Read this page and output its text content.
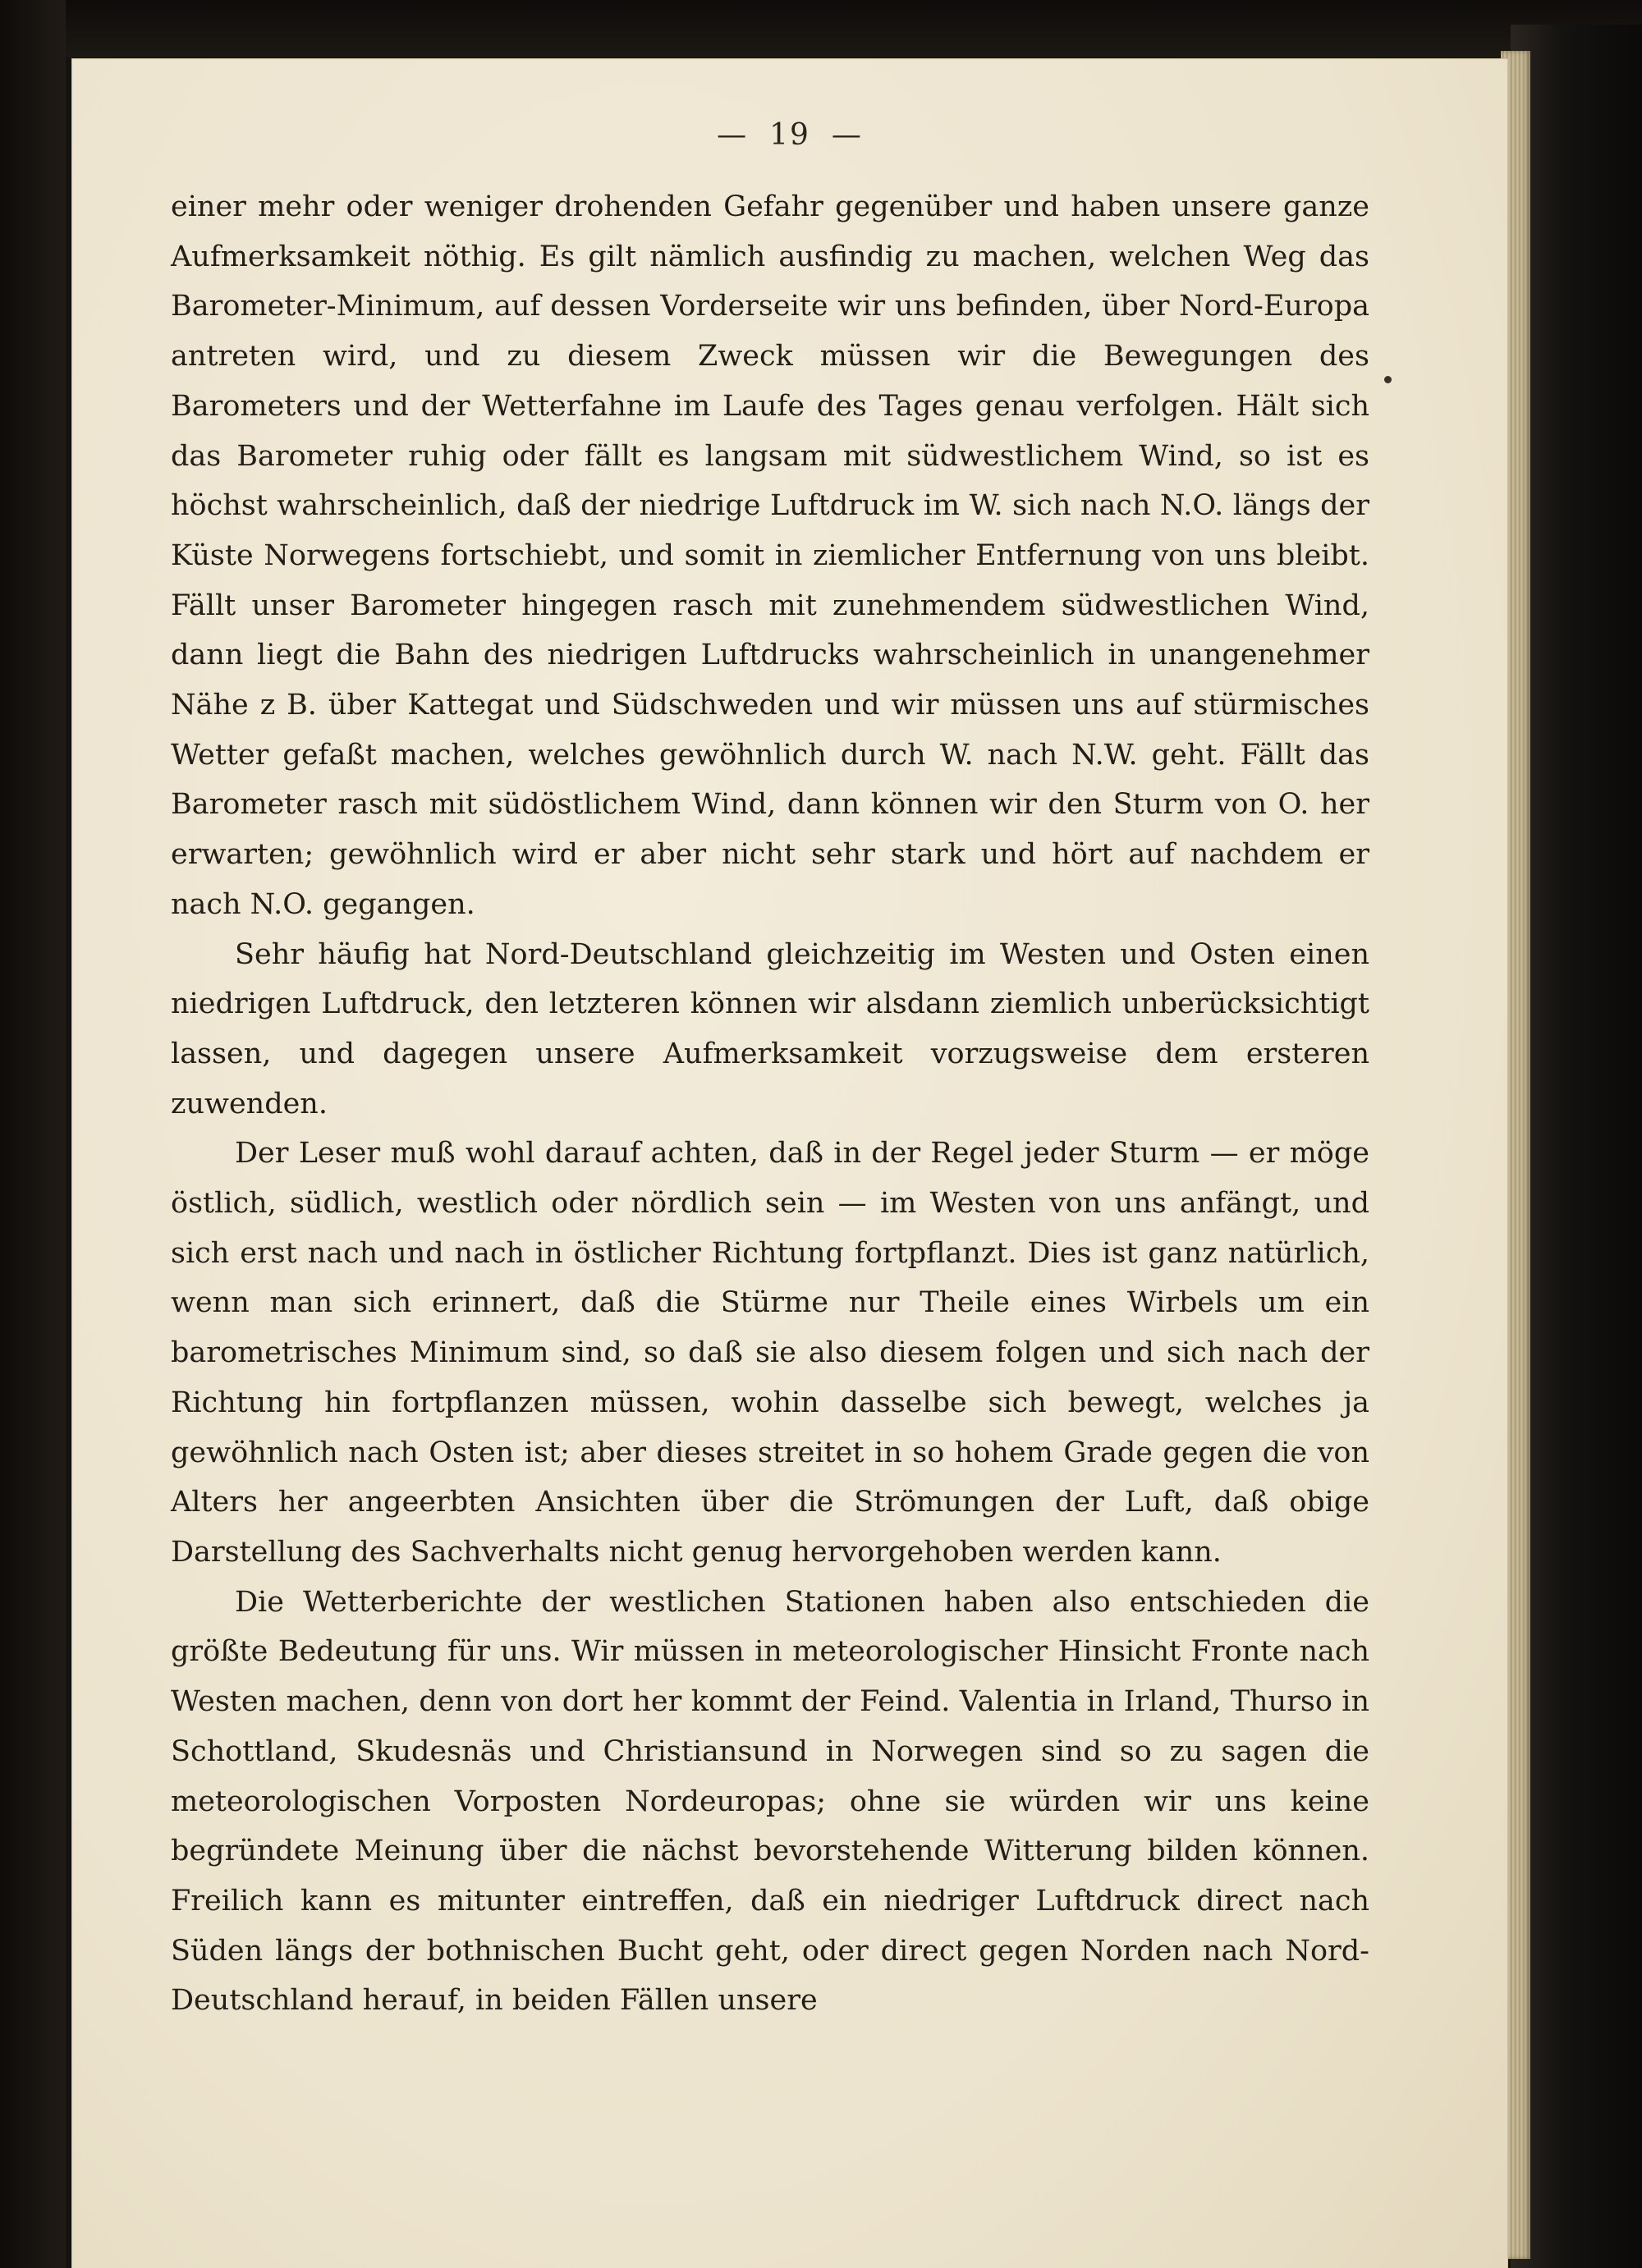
— 19 —

einer mehr oder weniger drohenden Gefahr gegenüber und haben unsere ganze Aufmerksamkeit nöthig. Es gilt nämlich ausfindig zu machen, welchen Weg das Barometer-Minimum, auf dessen Vorderseite wir uns befinden, über Nord-Europa antreten wird, und zu diesem Zweck müssen wir die Bewegungen des Barometers und der Wetterfahne im Laufe des Tages genau verfolgen. Hält sich das Barometer ruhig oder fällt es langsam mit südwestlichem Wind, so ist es höchst wahrscheinlich, daß der niedrige Luftdruck im W. sich nach N.O. längs der Küste Norwegens fortschiebt, und somit in ziemlicher Entfernung von uns bleibt. Fällt unser Barometer hingegen rasch mit zunehmendem südwestlichen Wind, dann liegt die Bahn des niedrigen Luftdrucks wahrscheinlich in unangenehmer Nähe z B. über Kattegat und Südschweden und wir müssen uns auf stürmisches Wetter gefaßt machen, welches gewöhnlich durch W. nach N.W. geht. Fällt das Barometer rasch mit südöstlichem Wind, dann können wir den Sturm von O. her erwarten; gewöhnlich wird er aber nicht sehr stark und hört auf nachdem er nach N.O. gegangen.

Sehr häufig hat Nord-Deutschland gleichzeitig im Westen und Osten einen niedrigen Luftdruck, den letzteren können wir alsdann ziemlich unberücksichtigt lassen, und dagegen unsere Aufmerksamkeit vorzugsweise dem ersteren zuwenden.

Der Leser muß wohl darauf achten, daß in der Regel jeder Sturm — er möge östlich, südlich, westlich oder nördlich sein — im Westen von uns anfängt, und sich erst nach und nach in östlicher Richtung fortpflanzt. Dies ist ganz natürlich, wenn man sich erinnert, daß die Stürme nur Theile eines Wirbels um ein barometrisches Minimum sind, so daß sie also diesem folgen und sich nach der Richtung hin fortpflanzen müssen, wohin dasselbe sich bewegt, welches ja gewöhnlich nach Osten ist; aber dieses streitet in so hohem Grade gegen die von Alters her angeerbten Ansichten über die Strömungen der Luft, daß obige Darstellung des Sachverhalts nicht genug hervorgehoben werden kann.

Die Wetterberichte der westlichen Stationen haben also entschieden die größte Bedeutung für uns. Wir müssen in meteorologischer Hinsicht Fronte nach Westen machen, denn von dort her kommt der Feind. Valentia in Irland, Thurso in Schottland, Skudesnäs und Christiansund in Norwegen sind so zu sagen die meteorologischen Vorposten Nordeuropas; ohne sie würden wir uns keine begründete Meinung über die nächst bevorstehende Witterung bilden können. Freilich kann es mitunter eintreffen, daß ein niedriger Luftdruck direct nach Süden längs der bothnischen Bucht geht, oder direct gegen Norden nach Nord-Deutschland herauf, in beiden Fällen unsere
